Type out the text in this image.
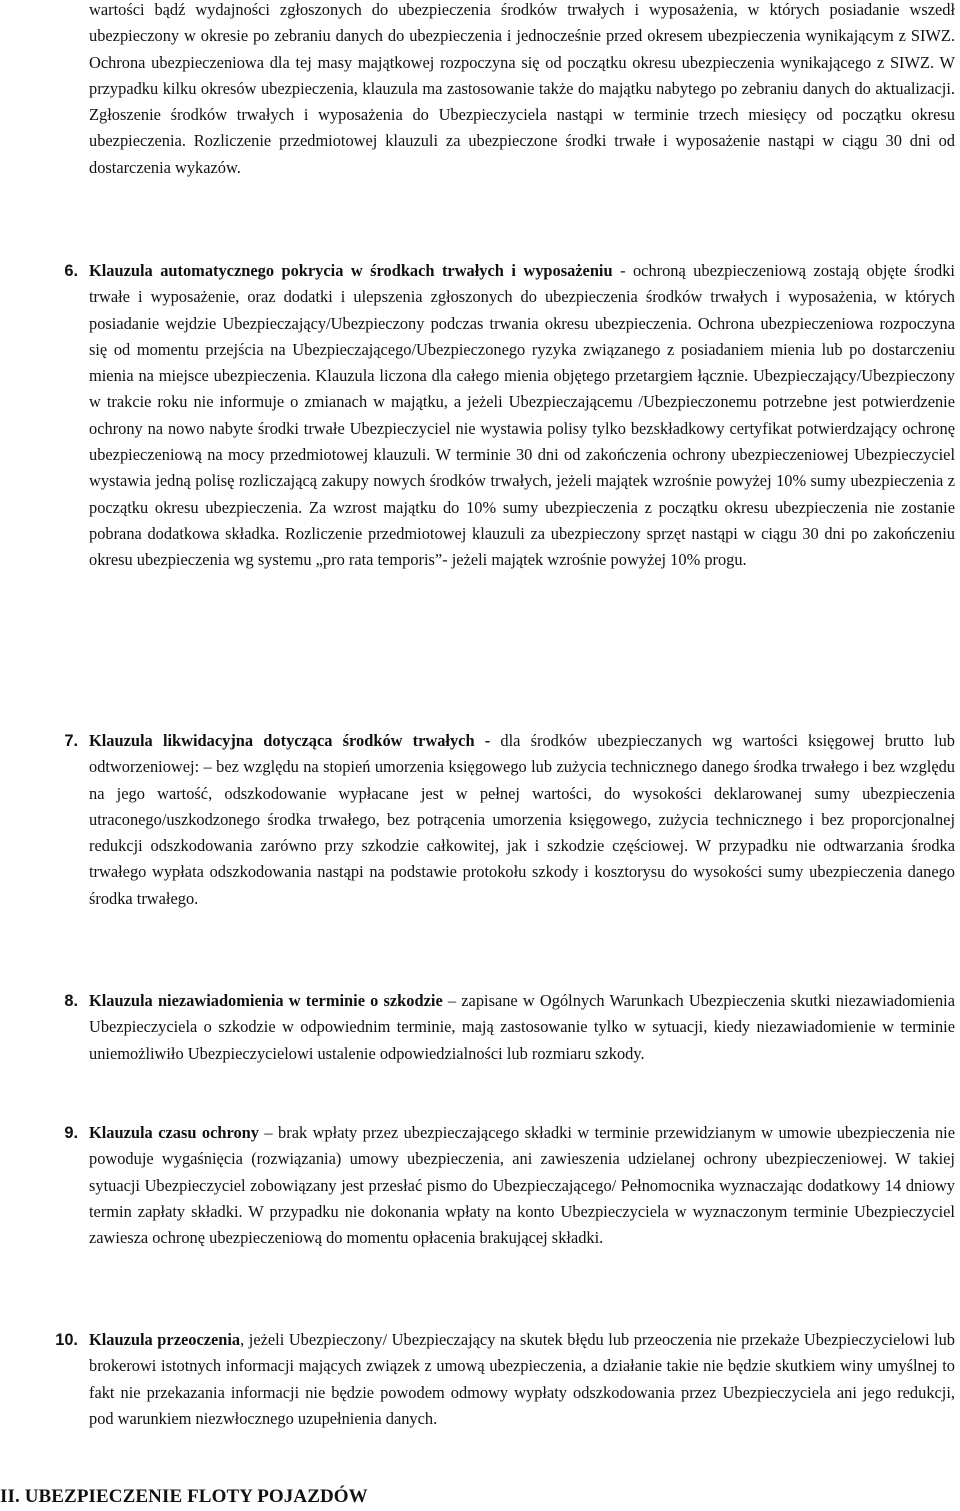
wartości bądź wydajności zgłoszonych do ubezpieczenia środków trwałych i wyposażenia, w których posiadanie wszedł ubezpieczony w okresie po zebraniu danych do ubezpieczenia i jednocześnie przed okresem ubezpieczenia wynikającym z SIWZ. Ochrona ubezpieczeniowa dla tej masy majątkowej rozpoczyna się od początku okresu ubezpieczenia wynikającego z SIWZ. W przypadku kilku okresów ubezpieczenia, klauzula ma zastosowanie także do majątku nabytego po zebraniu danych do aktualizacji. Zgłoszenie środków trwałych i wyposażenia do Ubezpieczyciela nastąpi w terminie trzech miesięcy od początku okresu ubezpieczenia. Rozliczenie przedmiotowej klauzuli za ubezpieczone środki trwałe i wyposażenie nastąpi w ciągu 30 dni od dostarczenia wykazów.

6. Klauzula automatycznego pokrycia w środkach trwałych i wyposażeniu - ochroną ubezpieczeniową zostają objęte środki trwałe i wyposażenie, oraz dodatki i ulepszenia zgłoszonych do ubezpieczenia środków trwałych i wyposażenia, w których posiadanie wejdzie Ubezpieczający/Ubezpieczony podczas trwania okresu ubezpieczenia. Ochrona ubezpieczeniowa rozpoczyna się od momentu przejścia na Ubezpieczającego/Ubezpieczonego ryzyka związanego z posiadaniem mienia lub po dostarczeniu mienia na miejsce ubezpieczenia. Klauzula liczona dla całego mienia objętego przetargiem łącznie. Ubezpieczający/Ubezpieczony w trakcie roku nie informuje o zmianach w majątku, a jeżeli Ubezpieczającemu /Ubezpieczonemu potrzebne jest potwierdzenie ochrony na nowo nabyte środki trwałe Ubezpieczyciel nie wystawia polisy tylko bezskładkowy certyfikat potwierdzający ochronę ubezpieczeniową na mocy przedmiotowej klauzuli. W terminie 30 dni od zakończenia ochrony ubezpieczeniowej Ubezpieczyciel wystawia jedną polisę rozliczającą zakupy nowych środków trwałych, jeżeli majątek wzrośnie powyżej 10% sumy ubezpieczenia z początku okresu ubezpieczenia. Za wzrost majątku do 10% sumy ubezpieczenia z początku okresu ubezpieczenia nie zostanie pobrana dodatkowa składka. Rozliczenie przedmiotowej klauzuli za ubezpieczony sprzęt nastąpi w ciągu 30 dni po zakończeniu okresu ubezpieczenia wg systemu „pro rata temporis”- jeżeli majątek wzrośnie powyżej 10% progu.

7. Klauzula likwidacyjna dotycząca środków trwałych - dla środków ubezpieczanych wg wartości księgowej brutto lub odtworzeniowej: – bez względu na stopień umorzenia księgowego lub zużycia technicznego danego środka trwałego i bez względu na jego wartość, odszkodowanie wypłacane jest w pełnej wartości, do wysokości deklarowanej sumy ubezpieczenia utraconego/uszkodzonego środka trwałego, bez potrącenia umorzenia księgowego, zużycia technicznego i bez proporcjonalnej redukcji odszkodowania zarówno przy szkodzie całkowitej, jak i szkodzie częściowej. W przypadku nie odtwarzania środka trwałego wypłata odszkodowania nastąpi na podstawie protokołu szkody i kosztorysu do wysokości sumy ubezpieczenia danego środka trwałego.

8. Klauzula niezawiadomienia w terminie o szkodzie – zapisane w Ogólnych Warunkach Ubezpieczenia skutki niezawiadomienia Ubezpieczyciela o szkodzie w odpowiednim terminie, mają zastosowanie tylko w sytuacji, kiedy niezawiadomienie w terminie uniemożliwiło Ubezpieczycielowi ustalenie odpowiedzialności lub rozmiaru szkody.

9. Klauzula czasu ochrony – brak wpłaty przez ubezpieczającego składki w terminie przewidzianym w umowie ubezpieczenia nie powoduje wygaśnięcia (rozwiązania) umowy ubezpieczenia, ani zawieszenia udzielanej ochrony ubezpieczeniowej. W takiej sytuacji Ubezpieczyciel zobowiązany jest przesłać pismo do Ubezpieczającego/ Pełnomocnika wyznaczając dodatkowy 14 dniowy termin zapłaty składki. W przypadku nie dokonania wpłaty na konto Ubezpieczyciela w wyznaczonym terminie Ubezpieczyciel zawiesza ochronę ubezpieczeniową do momentu opłacenia brakującej składki.

10. Klauzula przeoczenia, jeżeli Ubezpieczony/ Ubezpieczający na skutek błędu lub przeoczenia nie przekaże Ubezpieczycielowi lub brokerowi istotnych informacji mających związek z umową ubezpieczenia, a działanie takie nie będzie skutkiem winy umyślnej to fakt nie przekazania informacji nie będzie powodem odmowy wypłaty odszkodowania przez Ubezpieczyciela ani jego redukcji, pod warunkiem niezwłocznego uzupełnienia danych.

II. UBEZPIECZENIE FLOTY POJAZDÓW
